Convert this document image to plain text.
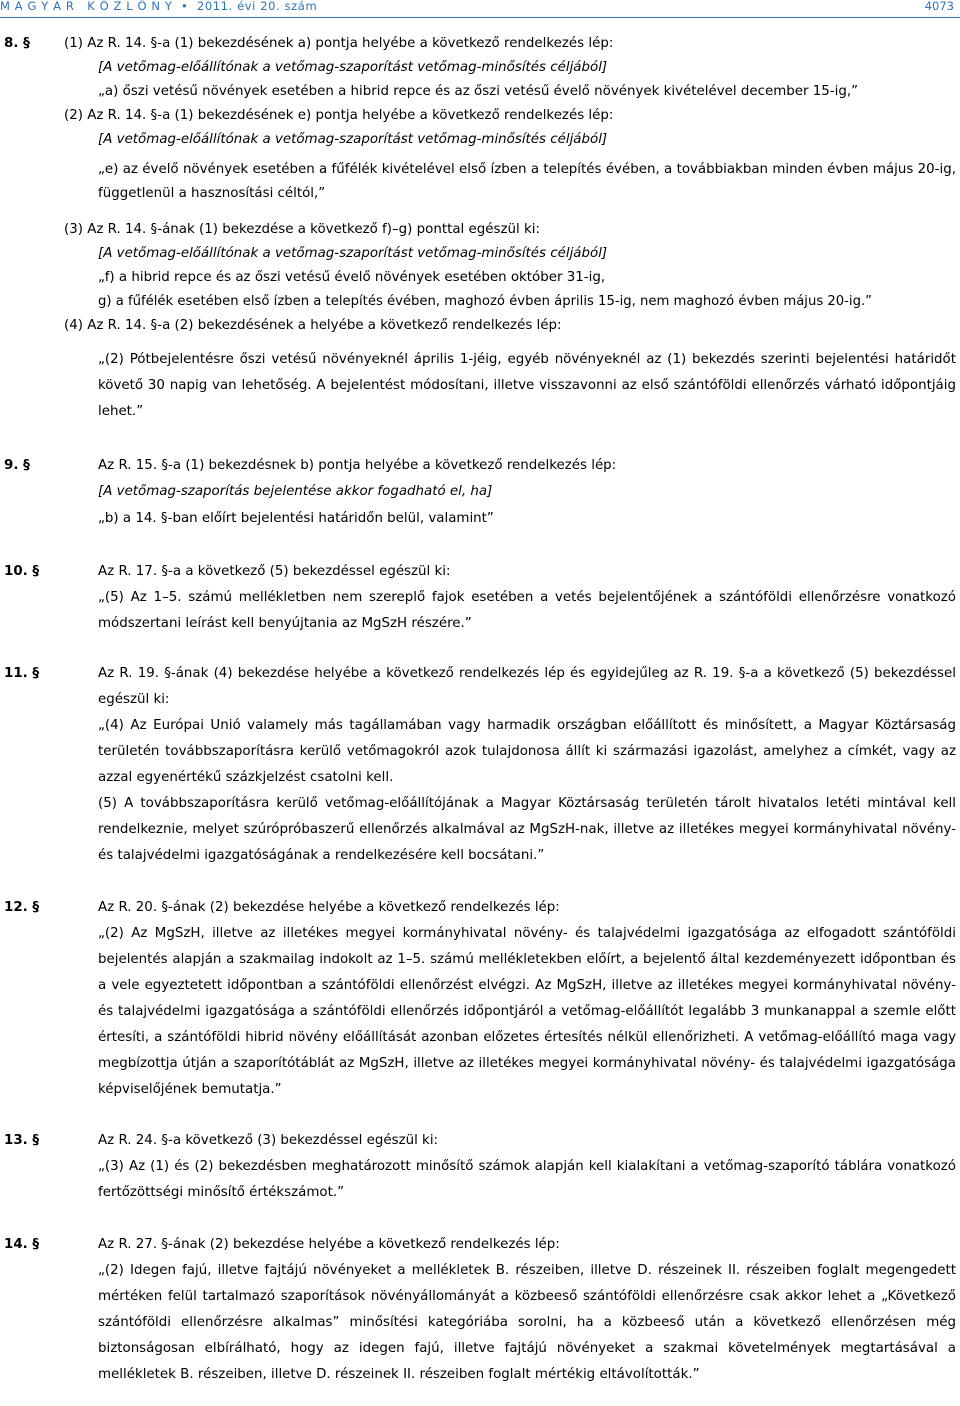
M A G Y A R   K Ö Z L Ö N Y  •  2011. évi 20. szám	4073
8. §	(1) Az R. 14. §-a (1) bekezdésének a) pontja helyébe a következő rendelkezés lép:
[A vetőmag-előállítónak a vetőmag-szaporítást vetőmag-minősítés céljából]
„a) őszi vetésű növények esetében a hibrid repce és az őszi vetésű évelő növények kivételével december 15-ig,”
(2) Az R. 14. §-a (1) bekezdésének e) pontja helyébe a következő rendelkezés lép:
[A vetőmag-előállítónak a vetőmag-szaporítást vetőmag-minősítés céljából]
„e) az évelő növények esetében a fűfélék kivételével első ízben a telepítés évében, a továbbiakban minden évben május 20-ig, függetlenül a hasznosítási céltól,”
(3) Az R. 14. §-ának (1) bekezdése a következő f)–g) ponttal egészül ki:
[A vetőmag-előállítónak a vetőmag-szaporítást vetőmag-minősítés céljából]
„f) a hibrid repce és az őszi vetésű évelő növények esetében október 31-ig,
g) a fűfélék esetében első ízben a telepítés évében, maghozó évben április 15-ig, nem maghozó évben május 20-ig.”
(4) Az R. 14. §-a (2) bekezdésének a helyébe a következő rendelkezés lép:
„(2) Pótbejelentésre őszi vetésű növényeknél április 1-jéig, egyéb növényeknél az (1) bekezdés szerinti bejelentési határidőt követő 30 napig van lehetőség. A bejelentést módosítani, illetve visszavonni az első szántóföldi ellenőrzés várható időpontjáig lehet.”
9. §	Az R. 15. §-a (1) bekezdésnek b) pontja helyébe a következő rendelkezés lép:
[A vetőmag-szaporítás bejelentése akkor fogadható el, ha]
„b) a 14. §-ban előírt bejelentési határidőn belül, valamint”
10. §	Az R. 17. §-a a következő (5) bekezdéssel egészül ki:
„(5) Az 1–5. számú mellékletben nem szereplő fajok esetében a vetés bejelentőjének a szántóföldi ellenőrzésre vonatkozó módszertani leírást kell benyújtania az MgSzH részére.”
11. §	Az R. 19. §-ának (4) bekezdése helyébe a következő rendelkezés lép és egyidejűleg az R. 19. §-a a következő (5) bekezdéssel egészül ki:
„(4) Az Európai Unió valamely más tagállamában vagy harmadik országban előállított és minősített, a Magyar Köztársaság területén továbbszaporításra kerülő vetőmagokról azok tulajdonosa állít ki származási igazolást, amelyhez a címkét, vagy az azzal egyenértékű százkjelzést csatolni kell.
(5) A továbbszaporításra kerülő vetőmag-előállítójának a Magyar Köztársaság területén tárolt hivatalos letéti mintával kell rendelkeznie, melyet szúrópróbaszerű ellenőrzés alkalmával az MgSzH-nak, illetve az illetékes megyei kormányhivatal növény- és talajvédelmi igazgatóságának a rendelkezésére kell bocsátani.”
12. §	Az R. 20. §-ának (2) bekezdése helyébe a következő rendelkezés lép:
„(2) Az MgSzH, illetve az illetékes megyei kormányhivatal növény- és talajvédelmi igazgatósága az elfogadott szántóföldi bejelentés alapján a szakmailag indokolt az 1–5. számú mellékletekben előírt, a bejelentő által kezdeményezett időpontban és a vele egyeztetett időpontban a szántóföldi ellenőrzést elvégzi. Az MgSzH, illetve az illetékes megyei kormányhivatal növény- és talajvédelmi igazgatósága a szántóföldi ellenőrzés időpontjáról a vetőmag-előállítót legalább 3 munkanappal a szemle előtt értesíti, a szántóföldi hibrid növény előállítását azonban előzetes értesítés nélkül ellenőrizheti. A vetőmag-előállító maga vagy megbízottja útján a szaporítótáblát az MgSzH, illetve az illetékes megyei kormányhivatal növény- és talajvédelmi igazgatósága képviselőjének bemutatja.”
13. §	Az R. 24. §-a következő (3) bekezdéssel egészül ki:
„(3) Az (1) és (2) bekezdésben meghatározott minősítő számok alapján kell kialakítani a vetőmag-szaporító táblára vonatkozó fertőzöttségi minősítő értékszámot.”
14. §	Az R. 27. §-ának (2) bekezdése helyébe a következő rendelkezés lép:
„(2) Idegen fajú, illetve fajtájú növényeket a mellékletek B. részeiben, illetve D. részeinek II. részeiben foglalt megengedett mértéken felül tartalmazó szaporítások növényállományát a közbeeső szántóföldi ellenőrzésre csak akkor lehet a „Következő szántóföldi ellenőrzésre alkalmas” minősítési kategóriába sorolni, ha a közbeeső után a következő ellenőrzésen még biztonságosan elbírálható, hogy az idegen fajú, illetve fajtájú növényeket a szakmai követelmények megtartásával a mellékletek B. részeiben, illetve D. részeinek II. részeiben foglalt mértékig eltávolították.”
